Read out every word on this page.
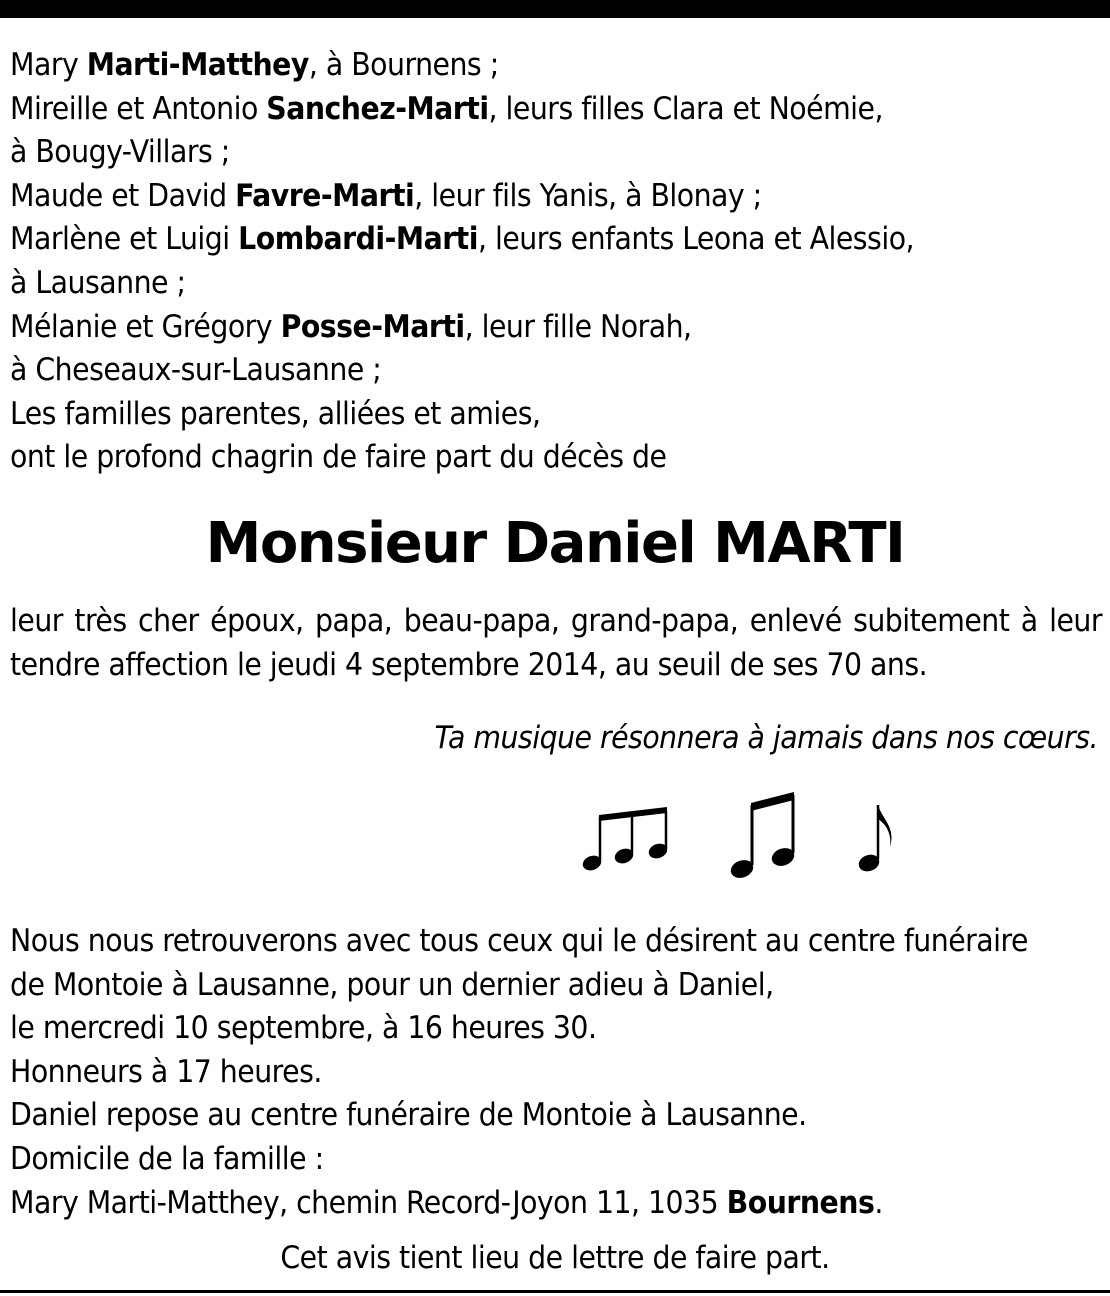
Mary Marti-Matthey, à Bournens ;
Mireille et Antonio Sanchez-Marti, leurs filles Clara et Noémie,
à Bougy-Villars ;
Maude et David Favre-Marti, leur fils Yanis, à Blonay ;
Marlène et Luigi Lombardi-Marti, leurs enfants Leona et Alessio,
à Lausanne ;
Mélanie et Grégory Posse-Marti, leur fille Norah,
à Cheseaux-sur-Lausanne ;
Les familles parentes, alliées et amies,
ont le profond chagrin de faire part du décès de
Monsieur Daniel MARTI
leur très cher époux, papa, beau-papa, grand-papa, enlevé subitement à leur tendre affection le jeudi 4 septembre 2014, au seuil de ses 70 ans.
Ta musique résonnera à jamais dans nos cœurs.
Nous nous retrouverons avec tous ceux qui le désirent au centre funéraire
de Montoie à Lausanne, pour un dernier adieu à Daniel,
le mercredi 10 septembre, à 16 heures 30.
Honneurs à 17 heures.
Daniel repose au centre funéraire de Montoie à Lausanne.
Domicile de la famille :
Mary Marti-Matthey, chemin Record-Joyon 11, 1035 Bournens.
Cet avis tient lieu de lettre de faire part.
